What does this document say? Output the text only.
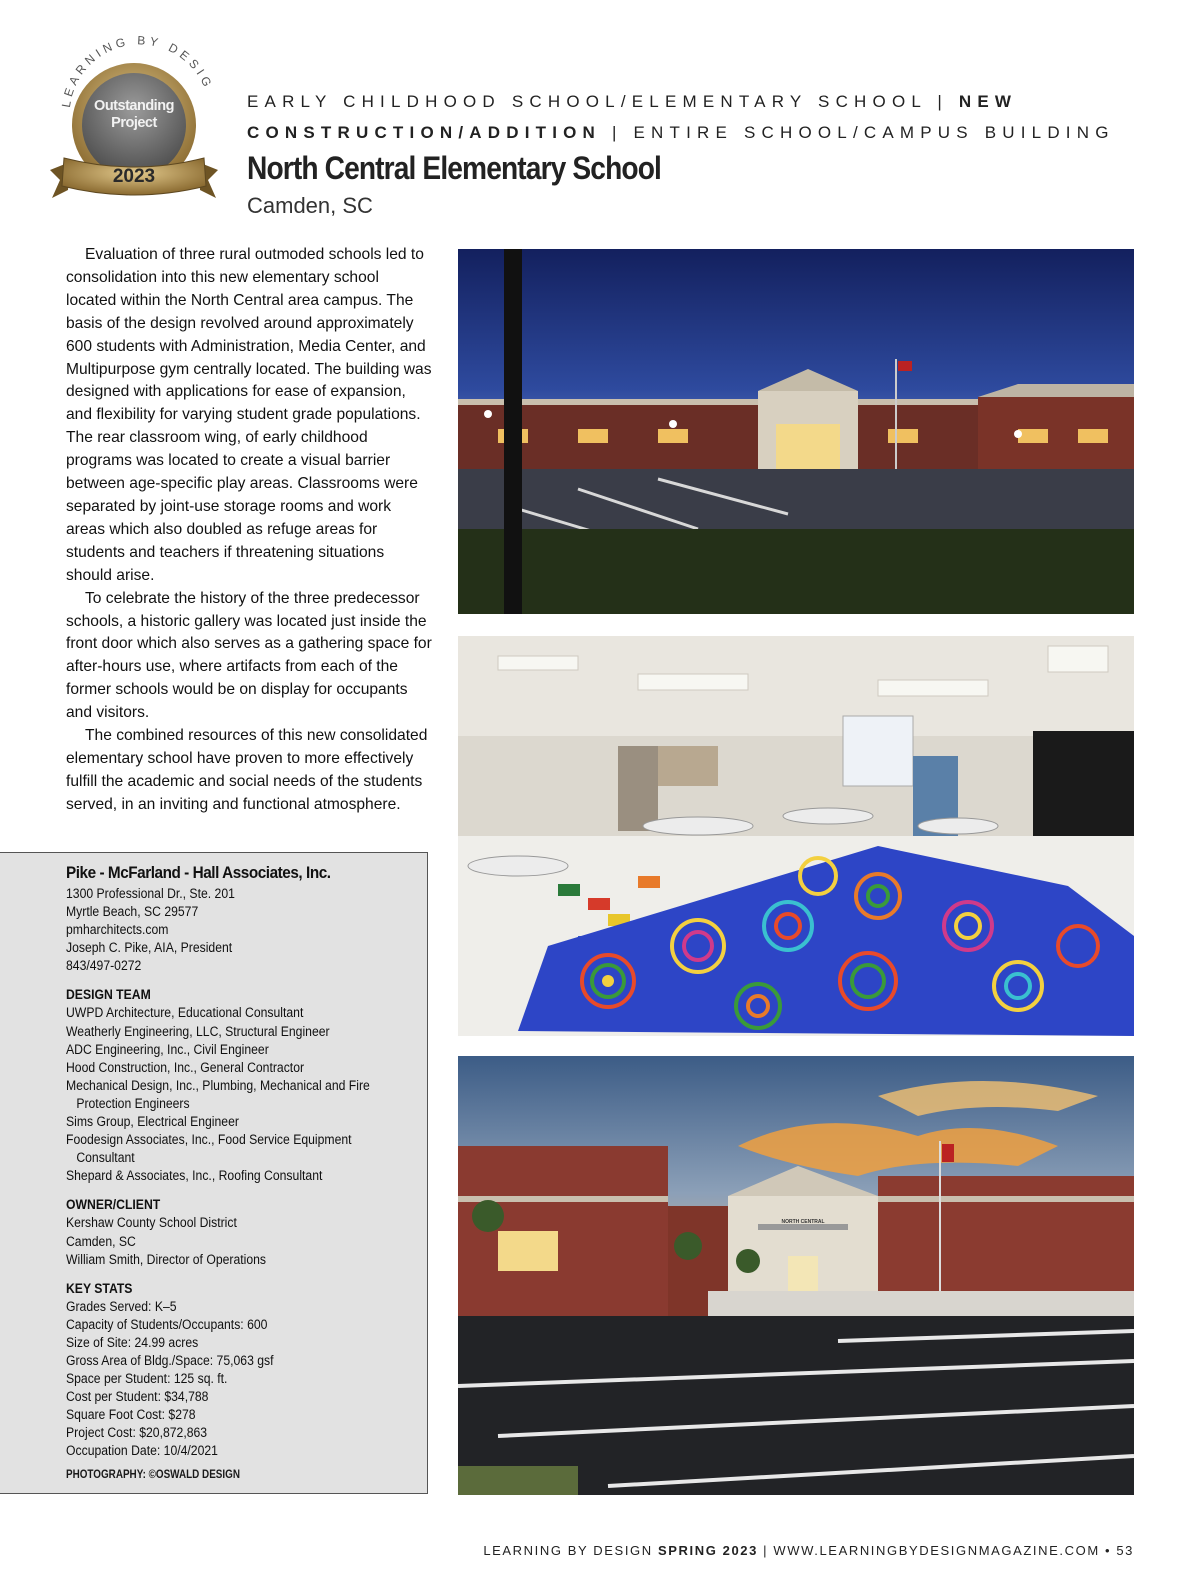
LEARNING BY DESIG
Outstanding Project
2023
EARLY CHILDHOOD SCHOOL/ELEMENTARY SCHOOL | NEW
CONSTRUCTION/ADDITION | ENTIRE SCHOOL/CAMPUS BUILDING
North Central Elementary School
Camden, SC

Evaluation of three rural outmoded schools led to consolidation into this new elementary school located within the North Central area campus. The basis of the design revolved around approximately 600 students with Administration, Media Center, and Multipurpose gym centrally located. The building was designed with applications for ease of expansion, and flexibility for varying student grade populations. The rear classroom wing, of early childhood programs was located to create a visual barrier between age-specific play areas. Classrooms were separated by joint-use storage rooms and work areas which also doubled as refuge areas for students and teachers if threatening situations should arise.

To celebrate the history of the three predecessor schools, a historic gallery was located just inside the front door which also serves as a gathering space for after-hours use, where artifacts from each of the former schools would be on display for occupants and visitors.

The combined resources of this new consolidated elementary school have proven to more effectively fulfill the academic and social needs of the students served, in an inviting and functional atmosphere.

Pike - McFarland - Hall Associates, Inc.
1300 Professional Dr., Ste. 201
Myrtle Beach, SC 29577
pmharchitects.com
Joseph C. Pike, AIA, President
843/497-0272
DESIGN TEAM
UWPD Architecture, Educational Consultant
Weatherly Engineering, LLC, Structural Engineer
ADC Engineering, Inc., Civil Engineer
Hood Construction, Inc., General Contractor
Mechanical Design, Inc., Plumbing, Mechanical and Fire
Protection Engineers
Sims Group, Electrical Engineer
Foodesign Associates, Inc., Food Service Equipment
Consultant
Shepard & Associates, Inc., Roofing Consultant
OWNER/CLIENT
Kershaw County School District
Camden, SC
William Smith, Director of Operations
KEY STATS
Grades Served: K–5
Capacity of Students/Occupants: 600
Size of Site: 24.99 acres
Gross Area of Bldg./Space: 75,063 gsf
Space per Student: 125 sq. ft.
Cost per Student: $34,788
Square Foot Cost: $278
Project Cost: $20,872,863
Occupation Date: 10/4/2021
PHOTOGRAPHY: ©OSWALD DESIGN
NORTH CENTRAL
LEARNING BY DESIGN SPRING 2023 | WWW.LEARNINGBYDESIGNMAGAZINE.COM • 53
